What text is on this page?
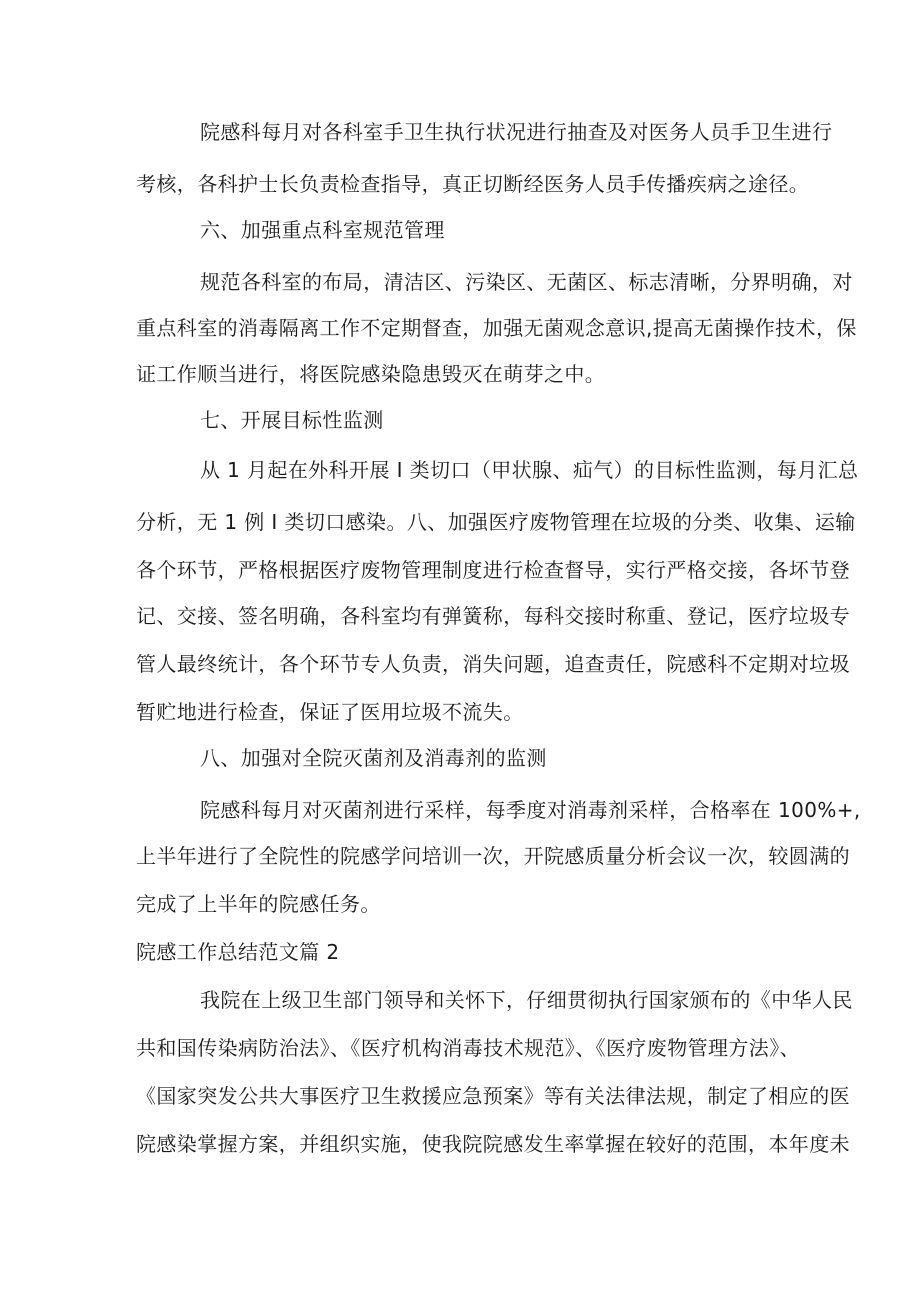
院感科每月对各科室手卫生执行状况进行抽查及对医务人员手卫生进行
考核，各科护士长负责检查指导，真正切断经医务人员手传播疾病之途径。
六、加强重点科室规范管理
规范各科室的布局，清洁区、污染区、无菌区、标志清晰，分界明确，对
重点科室的消毒隔离工作不定期督查，加强无菌观念意识,提高无菌操作技术，保
证工作顺当进行，将医院感染隐患毁灭在萌芽之中。
七、开展目标性监测
从 1 月起在外科开展 I 类切口（甲状腺、疝气）的目标性监测，每月汇总
分析，无 1 例 I 类切口感染。八、加强医疗废物管理在垃圾的分类、收集、运输
各个环节，严格根据医疗废物管理制度进行检查督导，实行严格交接，各坏节登
记、交接、签名明确，各科室均有弹簧称，每科交接时称重、登记，医疗垃圾专
管人最终统计，各个环节专人负责，消失问题，追查责任，院感科不定期对垃圾
暂贮地进行检查，保证了医用垃圾不流失。
八、加强对全院灭菌剂及消毒剂的监测
院感科每月对灭菌剂进行采样，每季度对消毒剂采样，合格率在 100%+,
上半年进行了全院性的院感学问培训一次，开院感质量分析会议一次，较圆满的
完成了上半年的院感任务。
院感工作总结范文篇 2
我院在上级卫生部门领导和关怀下，仔细贯彻执行国家颁布的《中华人民
共和国传染病防治法》、《医疗机构消毒技术规范》、《医疗废物管理方法》、
《国家突发公共大事医疗卫生救援应急预案》等有关法律法规，制定了相应的医
院感染掌握方案，并组织实施，使我院院感发生率掌握在较好的范围，本年度未
